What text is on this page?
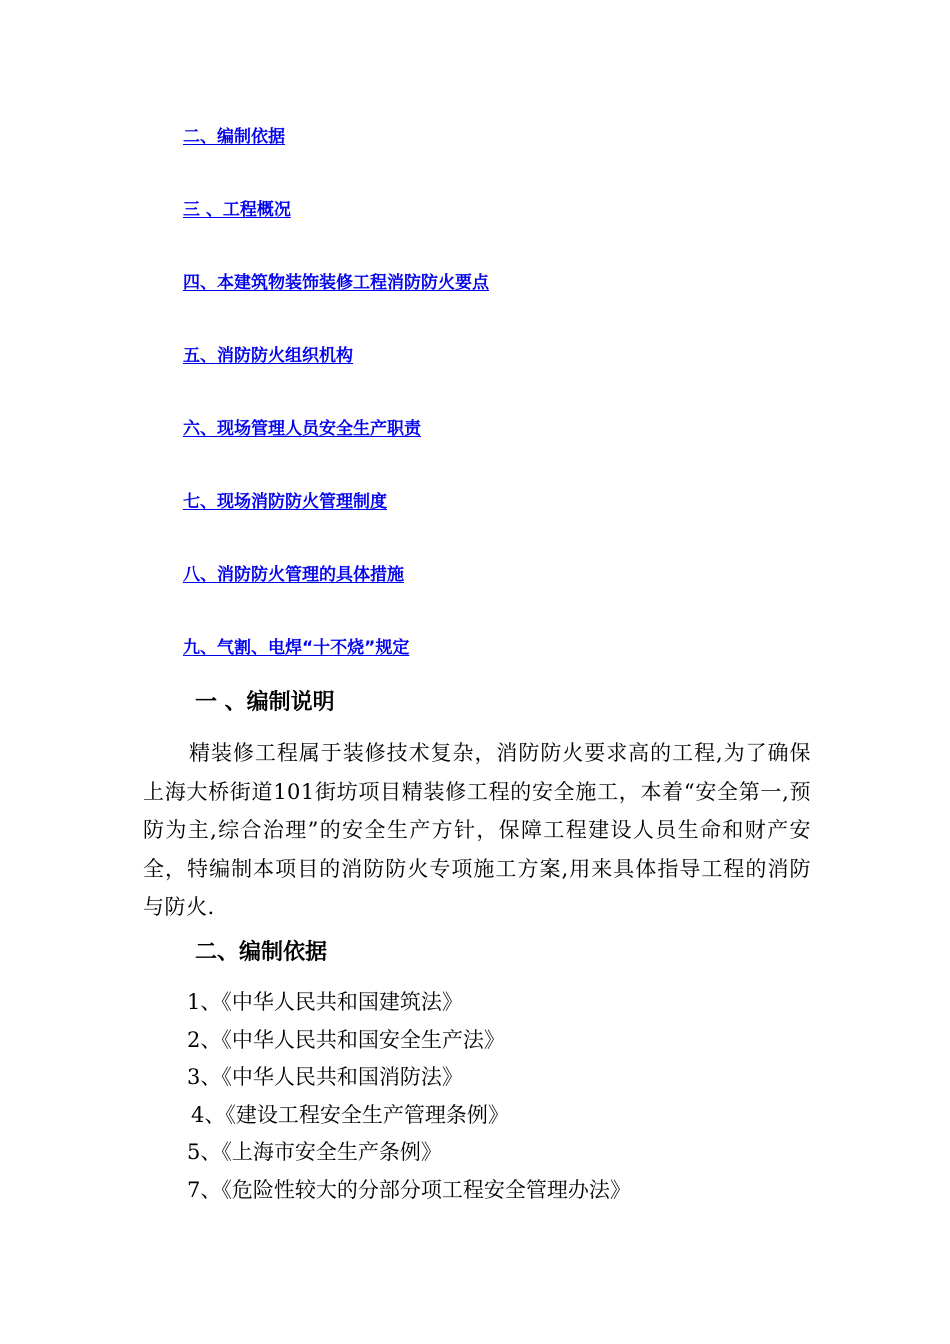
二、编制依据
三 、工程概况
四、本建筑物装饰装修工程消防防火要点
五、消防防火组织机构
六、现场管理人员安全生产职责
七、现场消防防火管理制度
八、消防防火管理的具体措施
九、气割、电焊“十不烧”规定
一 、编制说明

精装修工程属于装修技术复杂，消防防火要求高的工程,为了确保上海大桥街道101街坊项目精装修工程的安全施工，本着“安全第一,预防为主,综合治理”的安全生产方针，保障工程建设人员生命和财产安全，特编制本项目的消防防火专项施工方案,用来具体指导工程的消防与防火.

二、编制依据
1、《中华人民共和国建筑法》
2、《中华人民共和国安全生产法》
3、《中华人民共和国消防法》
4、《建设工程安全生产管理条例》
5、《上海市安全生产条例》
7、《危险性较大的分部分项工程安全管理办法》
